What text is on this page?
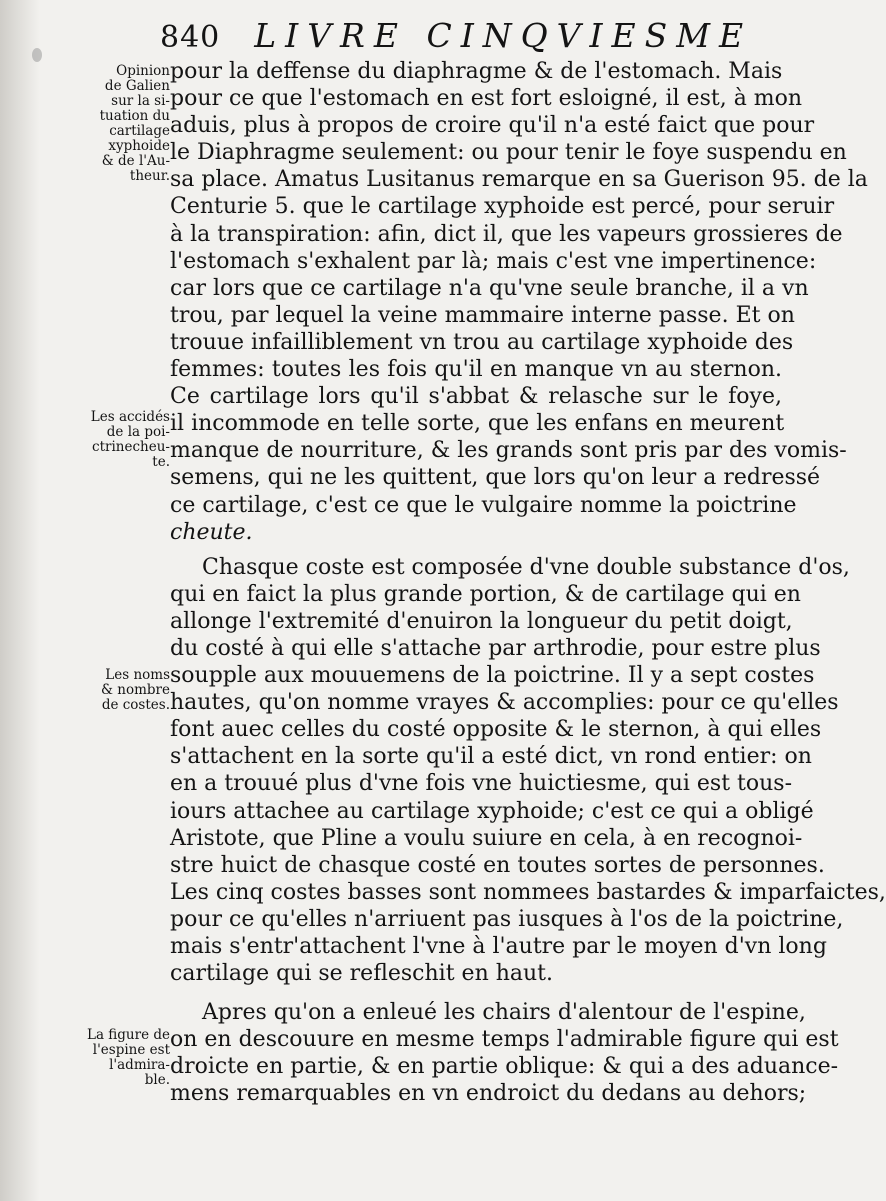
840 LIVRE CINQVIESME
Opinion
de Galien
sur la si-
tuation du
cartilage
xyphoide
& de l'Au-
theur.
Les accidés
de la poi-
ctrinecheu-
te.
Les noms
& nombre
de costes.
La figure de
l'espine est
l'admira-
ble.
pour la deffense du diaphragme & de l'estomach. Mais
pour ce que l'estomach en est fort esloigné, il est, à mon
aduis, plus à propos de croire qu'il n'a esté faict que pour
le Diaphragme seulement: ou pour tenir le foye suspendu en
sa place. Amatus Lusitanus remarque en sa Guerison 95. de la
Centurie 5. que le cartilage xyphoide est percé, pour seruir
à la transpiration: afin, dict il, que les vapeurs grossieres de
l'estomach s'exhalent par là; mais c'est vne impertinence:
car lors que ce cartilage n'a qu'vne seule branche, il a vn
trou, par lequel la veine mammaire interne passe. Et on
trouue infailliblement vn trou au cartilage xyphoide des
femmes: toutes les fois qu'il en manque vn au sternon.
Ce cartilage lors qu'il s'abbat & relasche sur le foye,
il incommode en telle sorte, que les enfans en meurent
manque de nourriture, & les grands sont pris par des vomis-
semens, qui ne les quittent, que lors qu'on leur a redressé
ce cartilage, c'est ce que le vulgaire nomme la poictrine
cheute.
Chasque coste est composée d'vne double substance d'os,
qui en faict la plus grande portion, & de cartilage qui en
allonge l'extremité d'enuiron la longueur du petit doigt,
du costé à qui elle s'attache par arthrodie, pour estre plus
soupple aux mouuemens de la poictrine. Il y a sept costes
hautes, qu'on nomme vrayes & accomplies: pour ce qu'elles
font auec celles du costé opposite & le sternon, à qui elles
s'attachent en la sorte qu'il a esté dict, vn rond entier: on
en a trouué plus d'vne fois vne huictiesme, qui est tous-
iours attachee au cartilage xyphoide; c'est ce qui a obligé
Aristote, que Pline a voulu suiure en cela, à en recognoi-
stre huict de chasque costé en toutes sortes de personnes.
Les cinq costes basses sont nommees bastardes & imparfaictes,
pour ce qu'elles n'arriuent pas iusques à l'os de la poictrine,
mais s'entr'attachent l'vne à l'autre par le moyen d'vn long
cartilage qui se refleschit en haut.
Apres qu'on a enleué les chairs d'alentour de l'espine,
on en descouure en mesme temps l'admirable figure qui est
droicte en partie, & en partie oblique: & qui a des aduance-
mens remarquables en vn endroict du dedans au dehors;
